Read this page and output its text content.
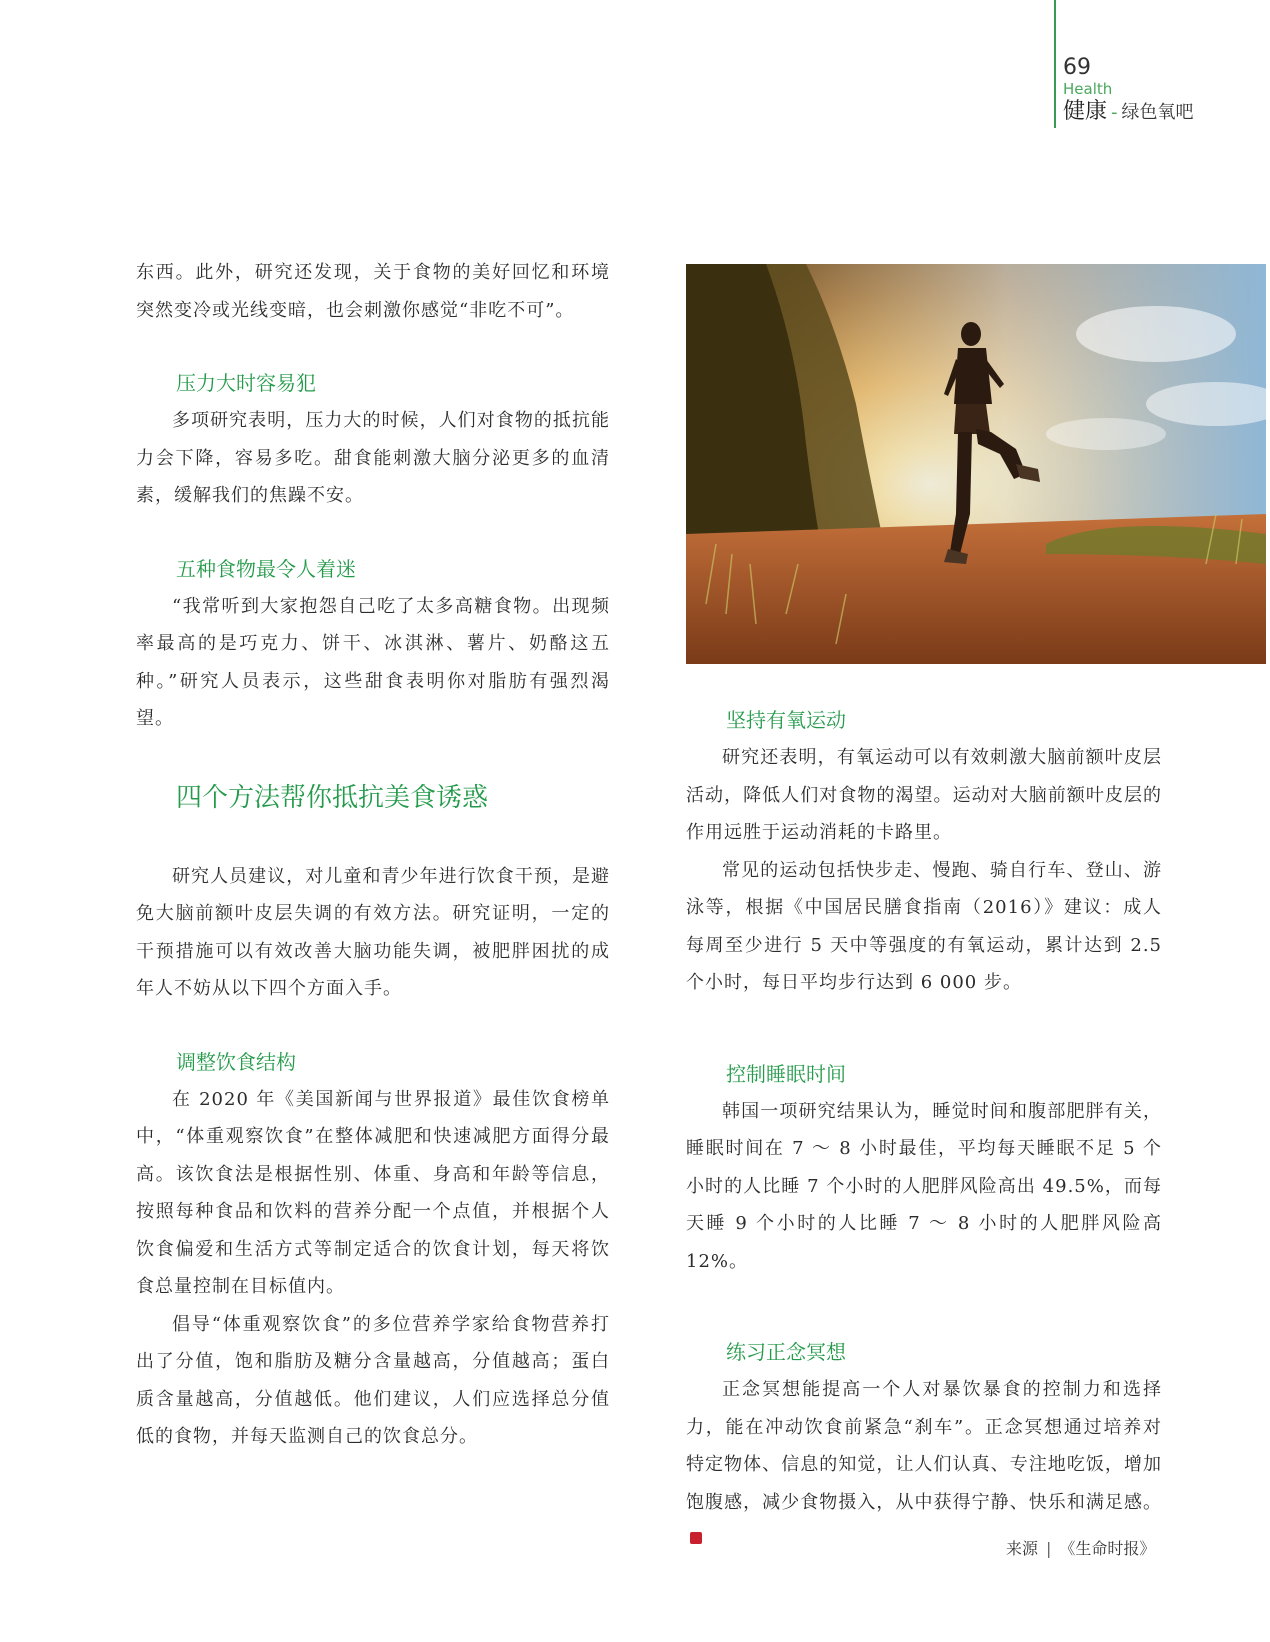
69
Health
健康 - 绿色氧吧

东西。此外，研究还发现，关于食物的美好回忆和环境突然变冷或光线变暗，也会刺激你感觉“非吃不可”。

压力大时容易犯

多项研究表明，压力大的时候，人们对食物的抵抗能力会下降，容易多吃。甜食能刺激大脑分泌更多的血清素，缓解我们的焦躁不安。

五种食物最令人着迷

“我常听到大家抱怨自己吃了太多高糖食物。出现频率最高的是巧克力、饼干、冰淇淋、薯片、奶酪这五种。”研究人员表示，这些甜食表明你对脂肪有强烈渴望。

四个方法帮你抵抗美食诱惑

研究人员建议，对儿童和青少年进行饮食干预，是避免大脑前额叶皮层失调的有效方法。研究证明，一定的干预措施可以有效改善大脑功能失调，被肥胖困扰的成年人不妨从以下四个方面入手。

调整饮食结构

在 2020 年《美国新闻与世界报道》最佳饮食榜单中，“体重观察饮食”在整体减肥和快速减肥方面得分最高。该饮食法是根据性别、体重、身高和年龄等信息，按照每种食品和饮料的营养分配一个点值，并根据个人饮食偏爱和生活方式等制定适合的饮食计划，每天将饮食总量控制在目标值内。

倡导“体重观察饮食”的多位营养学家给食物营养打出了分值，饱和脂肪及糖分含量越高，分值越高；蛋白质含量越高，分值越低。他们建议，人们应选择总分值低的食物，并每天监测自己的饮食总分。

坚持有氧运动

研究还表明，有氧运动可以有效刺激大脑前额叶皮层活动，降低人们对食物的渴望。运动对大脑前额叶皮层的作用远胜于运动消耗的卡路里。

常见的运动包括快步走、慢跑、骑自行车、登山、游泳等，根据《中国居民膳食指南（2016）》建议：成人每周至少进行 5 天中等强度的有氧运动，累计达到 2.5 个小时，每日平均步行达到 6 000 步。

控制睡眠时间

韩国一项研究结果认为，睡觉时间和腹部肥胖有关，睡眠时间在 7 ～ 8 小时最佳，平均每天睡眠不足 5 个小时的人比睡 7 个小时的人肥胖风险高出 49.5%，而每天睡 9 个小时的人比睡 7 ～ 8 小时的人肥胖风险高 12%。

练习正念冥想

正念冥想能提高一个人对暴饮暴食的控制力和选择力，能在冲动饮食前紧急“刹车”。正念冥想通过培养对特定物体、信息的知觉，让人们认真、专注地吃饭，增加饱腹感，减少食物摄入，从中获得宁静、快乐和满足感。

来源 | 《生命时报》
